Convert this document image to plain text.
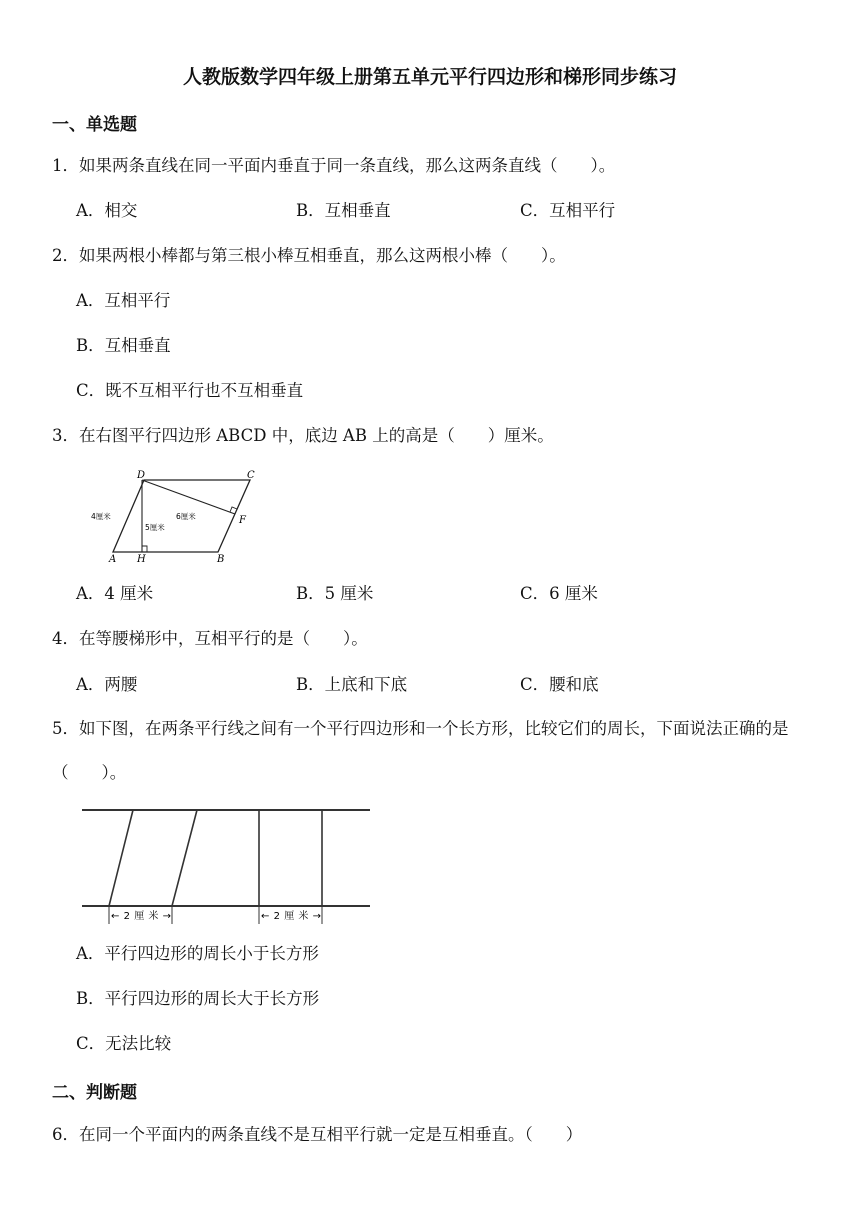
人教版数学四年级上册第五单元平行四边形和梯形同步练习
一、单选题
1．如果两条直线在同一平面内垂直于同一条直线，那么这两条直线（　　）。
A．相交	B．互相垂直	C．互相平行
2．如果两根小棒都与第三根小棒互相垂直，那么这两根小棒（　　）。
A．互相平行
B．互相垂直
C．既不互相平行也不互相垂直
3．在右图平行四边形 ABCD 中，底边 AB 上的高是（　　）厘米。
D	C
F
A H	B
4厘米
5厘米
6厘米
A．4 厘米	B．5 厘米	C．6 厘米
4．在等腰梯形中，互相平行的是（　　）。
A．两腰	B．上底和下底	C．腰和底
5．如下图，在两条平行线之间有一个平行四边形和一个长方形，比较它们的周长，下面说法正确的是（　　）。
←2厘米→	←2厘米→
A．平行四边形的周长小于长方形
B．平行四边形的周长大于长方形
C．无法比较
二、判断题
6．在同一个平面内的两条直线不是互相平行就一定是互相垂直。（　　）
